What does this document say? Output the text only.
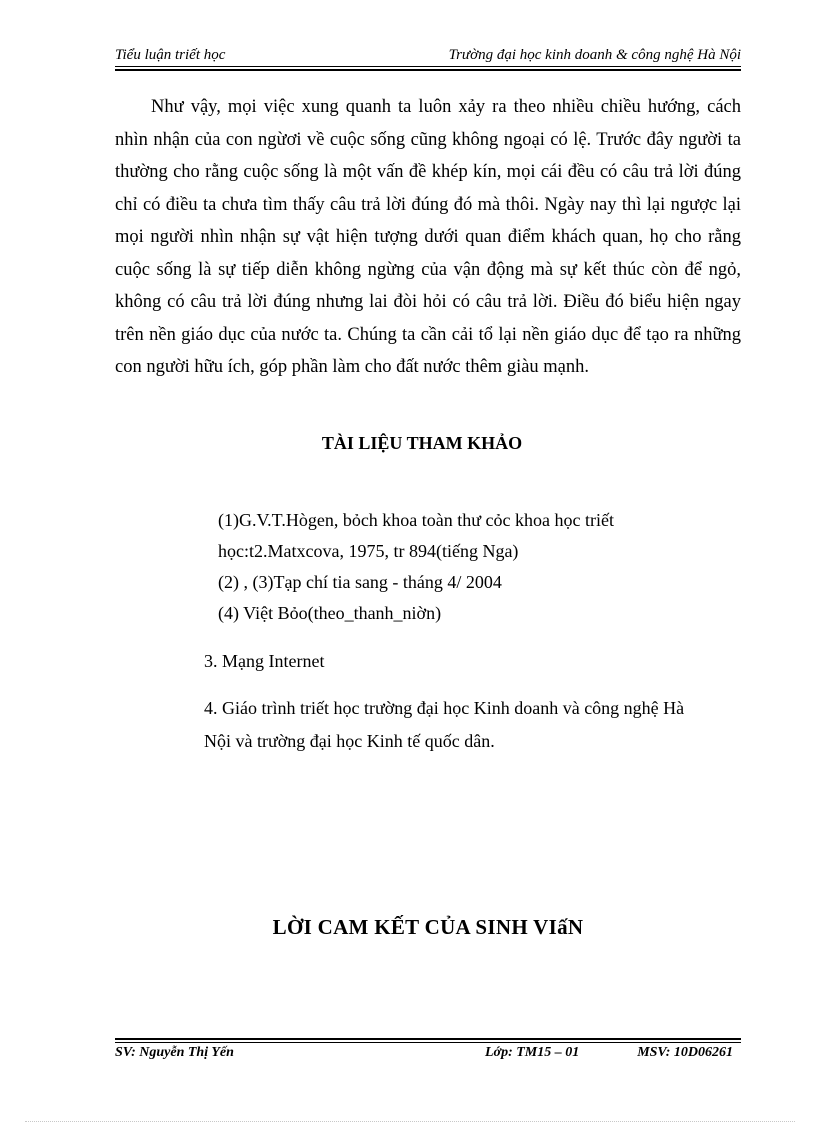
Tiểu luận triết học	Trường đại học kinh doanh & công nghệ Hà Nội

Như vậy, mọi việc xung quanh ta luôn xảy ra theo nhiều chiều hướng, cách nhìn nhận của con ngừơi về cuộc sống cũng không ngoại có lệ. Trước đây người ta thường cho rằng cuộc sống là một vấn đề khép kín, mọi cái đều có câu trả lời đúng chỉ có điều ta chưa tìm thấy câu trả lời đúng đó mà thôi. Ngày nay thì lại ngược lại mọi người nhìn nhận sự vật hiện tượng dưới quan điểm khách quan, họ cho rằng cuộc sống là sự tiếp diễn không ngừng của vận động mà sự kết thúc còn để ngỏ, không có câu trả lời đúng nhưng lai đòi hỏi có câu trả lời. Điều đó biểu hiện ngay trên nền giáo dục của nước ta. Chúng ta cần cải tổ lại nền giáo dục để tạo ra những con người hữu ích, góp phần làm cho đất nước thêm giàu mạnh.

TÀI LIỆU THAM KHẢO
(1)G.V.T.Hògen, bỏch khoa toàn thư cỏc khoa học triết
học:t2.Matxcova, 1975, tr 894(tiếng Nga)
(2) , (3)Tạp chí tia sang - tháng 4/ 2004
(4) Việt Bỏo(theo_thanh_niờn)
3. Mạng Internet
4. Giáo trình triết học trường đại học Kinh doanh và công nghệ Hà
Nội và trường đại học Kinh tế quốc dân.
LỜI CAM KẾT CỦA SINH VIấN
SV: Nguyễn Thị Yến	Lớp: TM15 – 01	MSV: 10D06261
